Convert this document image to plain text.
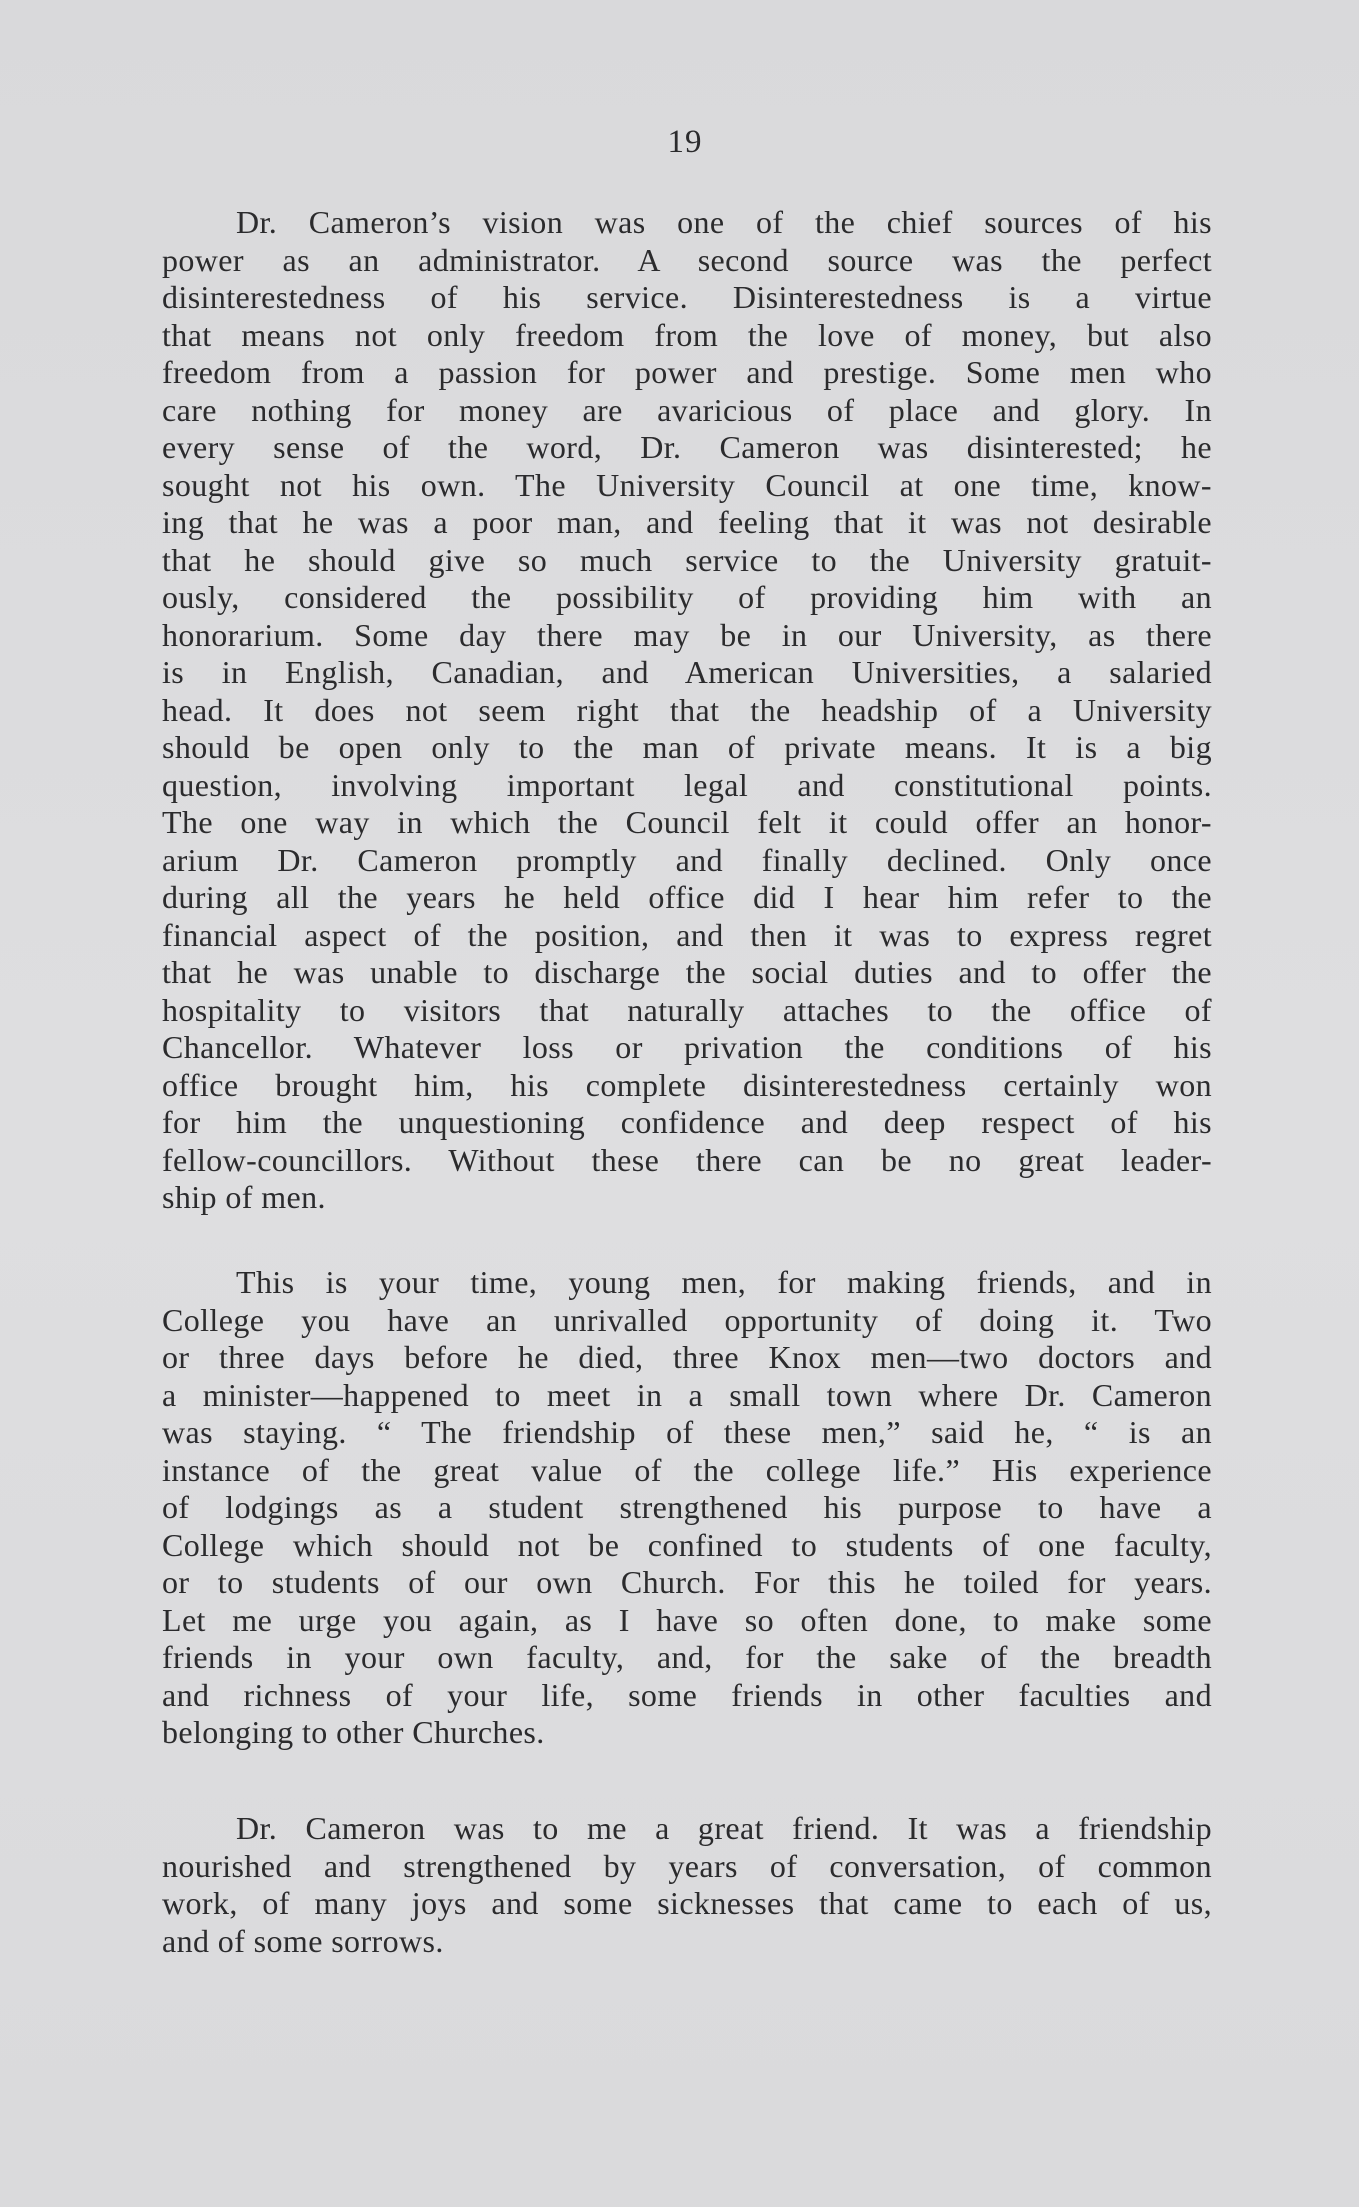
19
Dr. Cameron’s vision was one of the chief sources of his
power as an administrator. A second source was the perfect
disinterestedness of his service. Disinterestedness is a virtue
that means not only freedom from the love of money, but also
freedom from a passion for power and prestige. Some men who
care nothing for money are avaricious of place and glory. In
every sense of the word, Dr. Cameron was disinterested; he
sought not his own. The University Council at one time, know-
ing that he was a poor man, and feeling that it was not desirable
that he should give so much service to the University gratuit-
ously, considered the possibility of providing him with an
honorarium. Some day there may be in our University, as there
is in English, Canadian, and American Universities, a salaried
head. It does not seem right that the headship of a University
should be open only to the man of private means. It is a big
question, involving important legal and constitutional points.
The one way in which the Council felt it could offer an honor-
arium Dr. Cameron promptly and finally declined. Only once
during all the years he held office did I hear him refer to the
financial aspect of the position, and then it was to express regret
that he was unable to discharge the social duties and to offer the
hospitality to visitors that naturally attaches to the office of
Chancellor. Whatever loss or privation the conditions of his
office brought him, his complete disinterestedness certainly won
for him the unquestioning confidence and deep respect of his
fellow-councillors. Without these there can be no great leader-
ship of men.
This is your time, young men, for making friends, and in
College you have an unrivalled opportunity of doing it. Two
or three days before he died, three Knox men—two doctors and
a minister—happened to meet in a small town where Dr. Cameron
was staying. “ The friendship of these men,” said he, “ is an
instance of the great value of the college life.” His experience
of lodgings as a student strengthened his purpose to have a
College which should not be confined to students of one faculty,
or to students of our own Church. For this he toiled for years.
Let me urge you again, as I have so often done, to make some
friends in your own faculty, and, for the sake of the breadth
and richness of your life, some friends in other faculties and
belonging to other Churches.
Dr. Cameron was to me a great friend. It was a friendship
nourished and strengthened by years of conversation, of common
work, of many joys and some sicknesses that came to each of us,
and of some sorrows.
